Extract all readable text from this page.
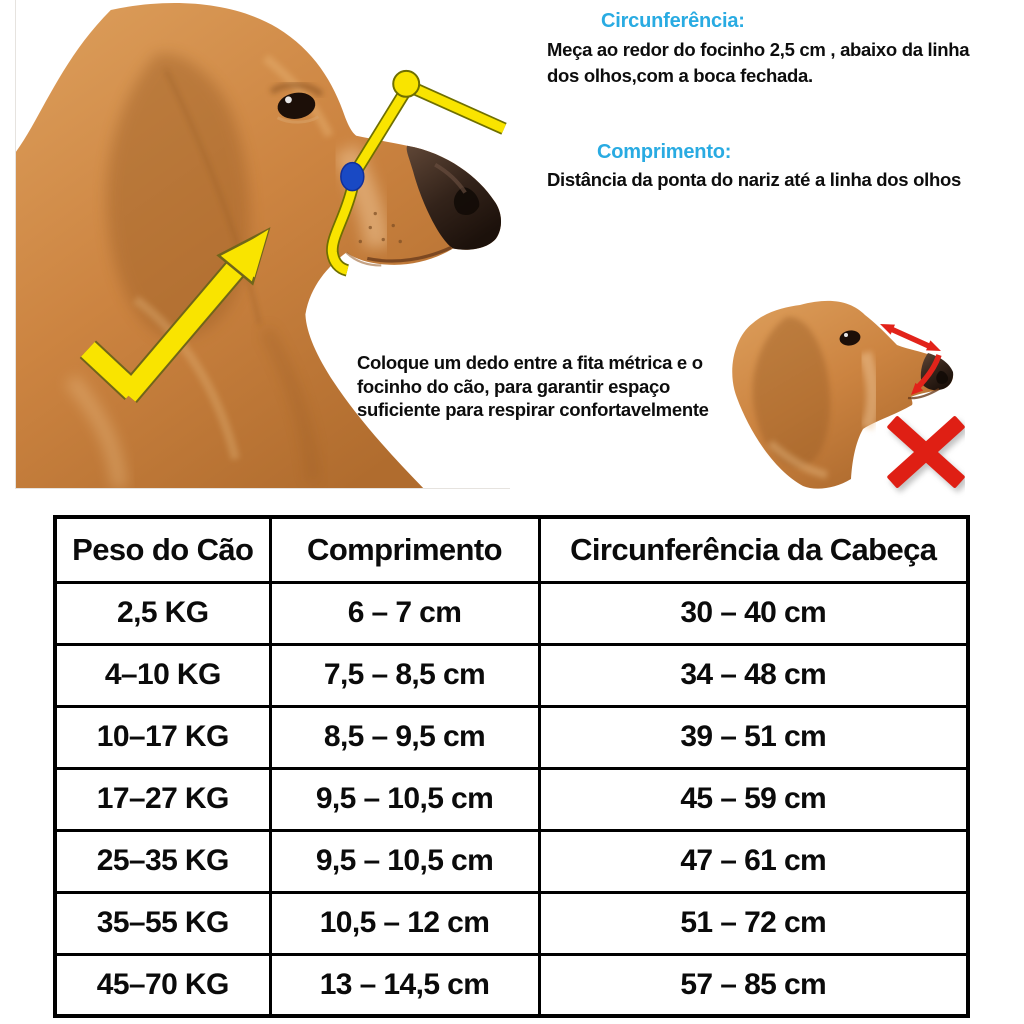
Circunferência:

Meça ao redor do focinho 2,5 cm , abaixo da linha dos olhos,com a boca fechada.

Comprimento:

Distância da ponta do nariz até a linha dos olhos

Coloque um dedo entre a fita métrica e o focinho do cão, para garantir espaço suficiente para respirar confortavelmente

Peso do Cão	Comprimento	Circunferência da Cabeça
2,5 KG	6 – 7 cm	30 – 40 cm
4–10 KG	7,5 – 8,5 cm	34 – 48 cm
10–17 KG	8,5 – 9,5 cm	39 – 51 cm
17–27 KG	9,5 – 10,5 cm	45 – 59 cm
25–35 KG	9,5 – 10,5 cm	47 – 61 cm
35–55 KG	10,5 – 12 cm	51 – 72 cm
45–70 KG	13 – 14,5 cm	57 – 85 cm
